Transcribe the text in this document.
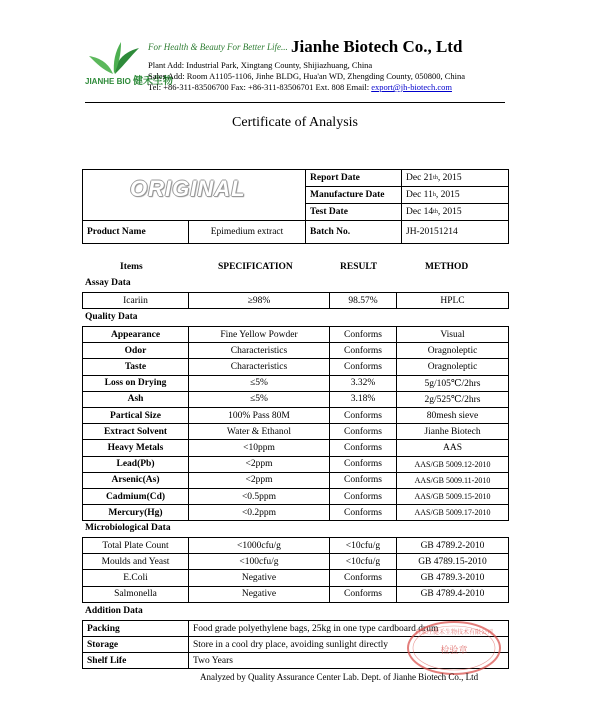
JIANHE BIO 健禾生物
For Health & Beauty For Better Life... Jianhe Biotech Co., Ltd
Plant Add: Industrial Park, Xingtang County, Shijiazhuang, China
Sales Add: Room A1105-1106, Jinhe BLDG, Hua'an WD, Zhengding County, 050800, China
Tel: +86-311-83506700 Fax: +86-311-83506701 Ext. 808 Email: export@jh-biotech.com
Certificate of Analysis
ORIGINAL	Report Date	Dec 21 th , 2015
Manufacture Date	Dec 11 h , 2015
Test Date	Dec 14 th , 2015
Product Name	Epimedium extract	Batch No.	JH-20151214
Items	SPECIFICATION	RESULT	METHOD
Assay Data
Icariin	≥98%	98.57%	HPLC
Quality Data
Appearance	Fine Yellow Powder	Conforms	Visual
Odor	Characteristics	Conforms	Oragnoleptic
Taste	Characteristics	Conforms	Oragnoleptic
Loss on Drying	≤5%	3.32%	5g/105℃/2hrs
Ash	≤5%	3.18%	2g/525℃/2hrs
Partical Size	100% Pass 80M	Conforms	80mesh sieve
Extract Solvent	Water & Ethanol	Conforms	Jianhe Biotech
Heavy Metals	<10ppm	Conforms	AAS
Lead(Pb)	<2ppm	Conforms	AAS/GB 5009.12-2010
Arsenic(As)	<2ppm	Conforms	AAS/GB 5009.11-2010
Cadmium(Cd)	<0.5ppm	Conforms	AAS/GB 5009.15-2010
Mercury(Hg)	<0.2ppm	Conforms	AAS/GB 5009.17-2010
Microbiological Data
Total Plate Count	<1000cfu/g	<10cfu/g	GB 4789.2-2010
Moulds and Yeast	<100cfu/g	<10cfu/g	GB 4789.15-2010
E.Coli	Negative	Conforms	GB 4789.3-2010
Salmonella	Negative	Conforms	GB 4789.4-2010
Addition Data
Packing	Food grade polyethylene bags, 25kg in one type cardboard drum
Storage	Store in a cool dry place, avoiding sunlight directly
Shelf Life	Two Years
石家庄健禾生物技术有限公司
检验章
Analyzed by Quality Assurance Center Lab. Dept. of Jianhe Biotech Co., Ltd
